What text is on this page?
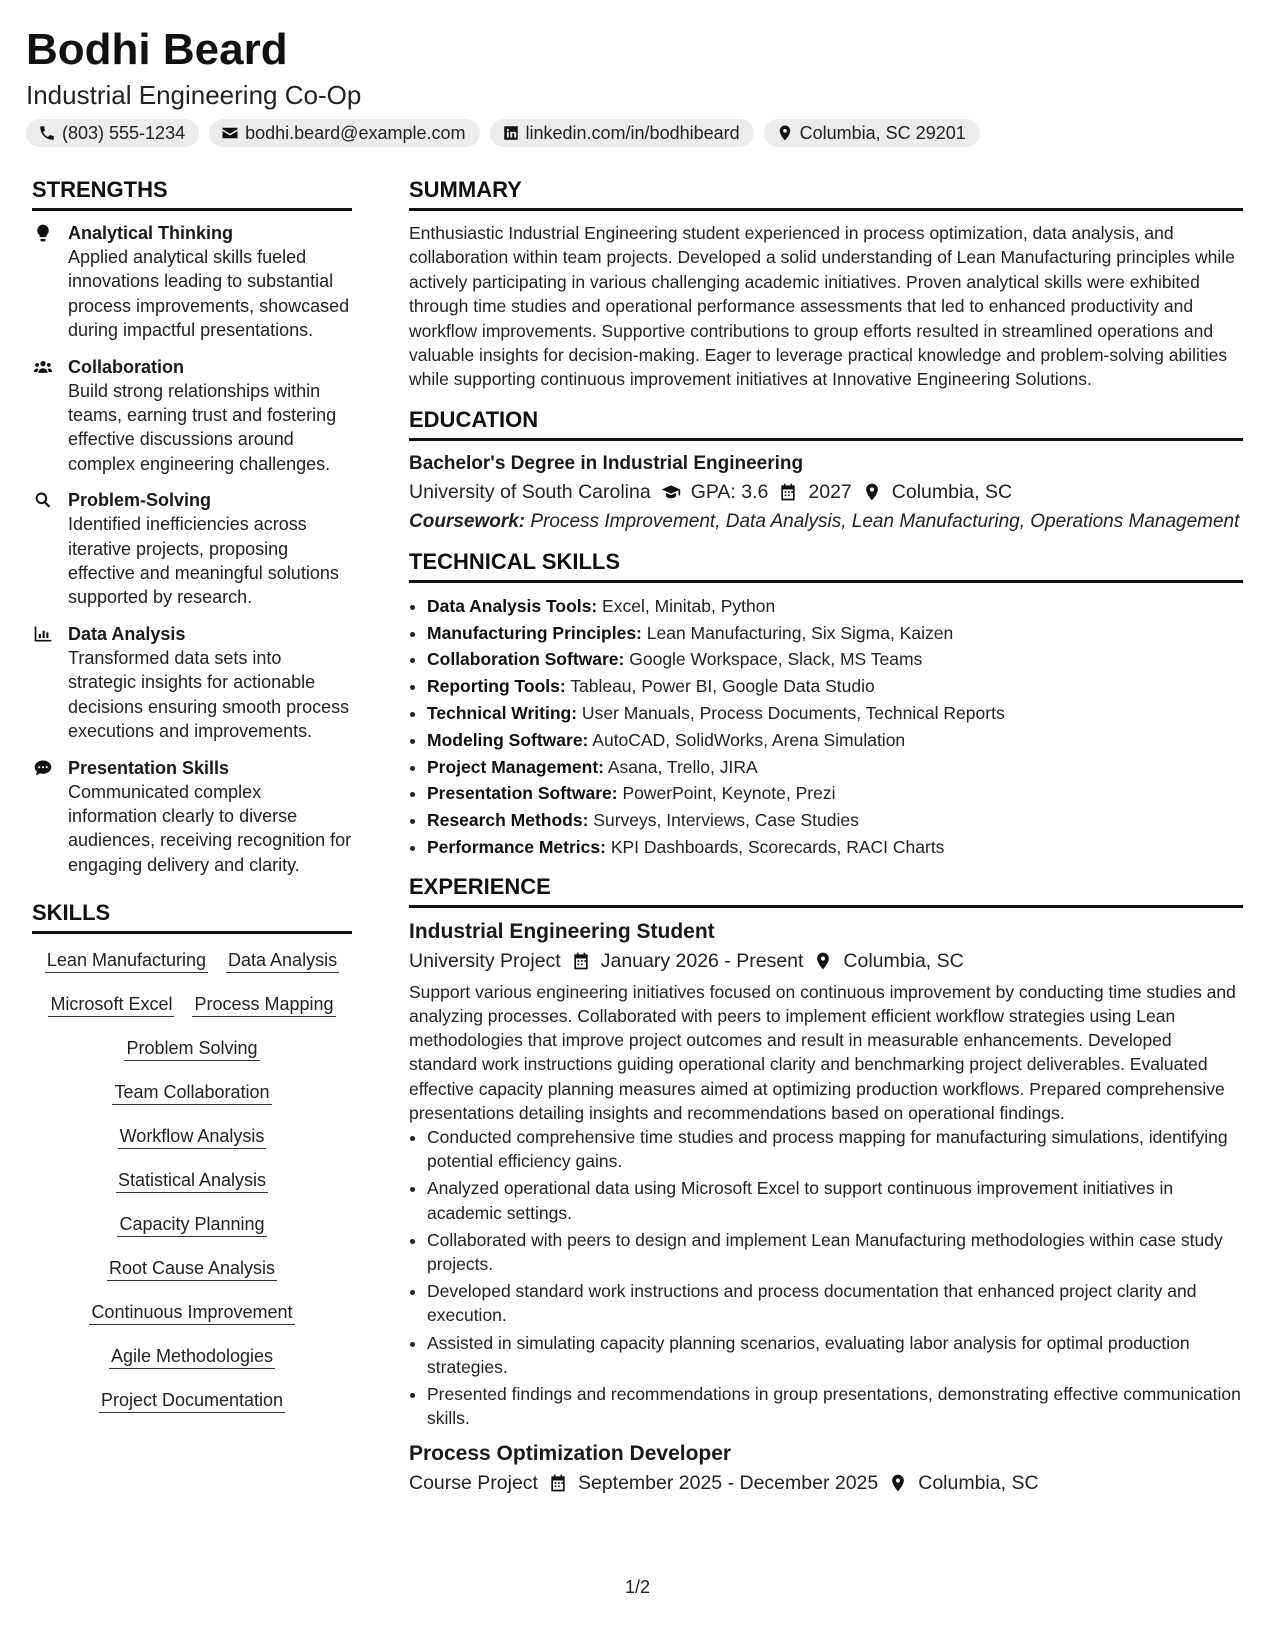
Bodhi Beard
Industrial Engineering Co-Op
(803) 555-1234	bodhi.beard@example.com	linkedin.com/in/bodhibeard	Columbia, SC 29201
STRENGTHS
Analytical Thinking
Applied analytical skills fueled innovations leading to substantial process improvements, showcased during impactful presentations.
Collaboration
Build strong relationships within teams, earning trust and fostering effective discussions around complex engineering challenges.
Problem-Solving
Identified inefficiencies across iterative projects, proposing effective and meaningful solutions supported by research.
Data Analysis
Transformed data sets into strategic insights for actionable decisions ensuring smooth process executions and improvements.
Presentation Skills
Communicated complex information clearly to diverse audiences, receiving recognition for engaging delivery and clarity.
SKILLS
Lean Manufacturing Data Analysis
Microsoft Excel Process Mapping
Problem Solving
Team Collaboration
Workflow Analysis
Statistical Analysis
Capacity Planning
Root Cause Analysis
Continuous Improvement
Agile Methodologies
Project Documentation
SUMMARY

Enthusiastic Industrial Engineering student experienced in process optimization, data analysis, and collaboration within team projects. Developed a solid understanding of Lean Manufacturing principles while actively participating in various challenging academic initiatives. Proven analytical skills were exhibited through time studies and operational performance assessments that led to enhanced productivity and workflow improvements. Supportive contributions to group efforts resulted in streamlined operations and valuable insights for decision-making. Eager to leverage practical knowledge and problem-solving abilities while supporting continuous improvement initiatives at Innovative Engineering Solutions.

EDUCATION
Bachelor's Degree in Industrial Engineering
University of South Carolina GPA: 3.6 2027 Columbia, SC
Coursework: Process Improvement, Data Analysis, Lean Manufacturing, Operations Management
TECHNICAL SKILLS
• Data Analysis Tools: Excel, Minitab, Python
• Manufacturing Principles: Lean Manufacturing, Six Sigma, Kaizen
• Collaboration Software: Google Workspace, Slack, MS Teams
• Reporting Tools: Tableau, Power BI, Google Data Studio
• Technical Writing: User Manuals, Process Documents, Technical Reports
• Modeling Software: AutoCAD, SolidWorks, Arena Simulation
• Project Management: Asana, Trello, JIRA
• Presentation Software: PowerPoint, Keynote, Prezi
• Research Methods: Surveys, Interviews, Case Studies
• Performance Metrics: KPI Dashboards, Scorecards, RACI Charts
EXPERIENCE
Industrial Engineering Student
University Project January 2026 - Present Columbia, SC

Support various engineering initiatives focused on continuous improvement by conducting time studies and analyzing processes. Collaborated with peers to implement efficient workflow strategies using Lean methodologies that improve project outcomes and result in measurable enhancements. Developed standard work instructions guiding operational clarity and benchmarking project deliverables. Evaluated effective capacity planning measures aimed at optimizing production workflows. Prepared comprehensive presentations detailing insights and recommendations based on operational findings.

• Conducted comprehensive time studies and process mapping for manufacturing simulations, identifying potential efficiency gains.
• Analyzed operational data using Microsoft Excel to support continuous improvement initiatives in academic settings.
• Collaborated with peers to design and implement Lean Manufacturing methodologies within case study projects.
• Developed standard work instructions and process documentation that enhanced project clarity and execution.
• Assisted in simulating capacity planning scenarios, evaluating labor analysis for optimal production strategies.
• Presented findings and recommendations in group presentations, demonstrating effective communication skills.
Process Optimization Developer
Course Project September 2025 - December 2025 Columbia, SC
1/2
